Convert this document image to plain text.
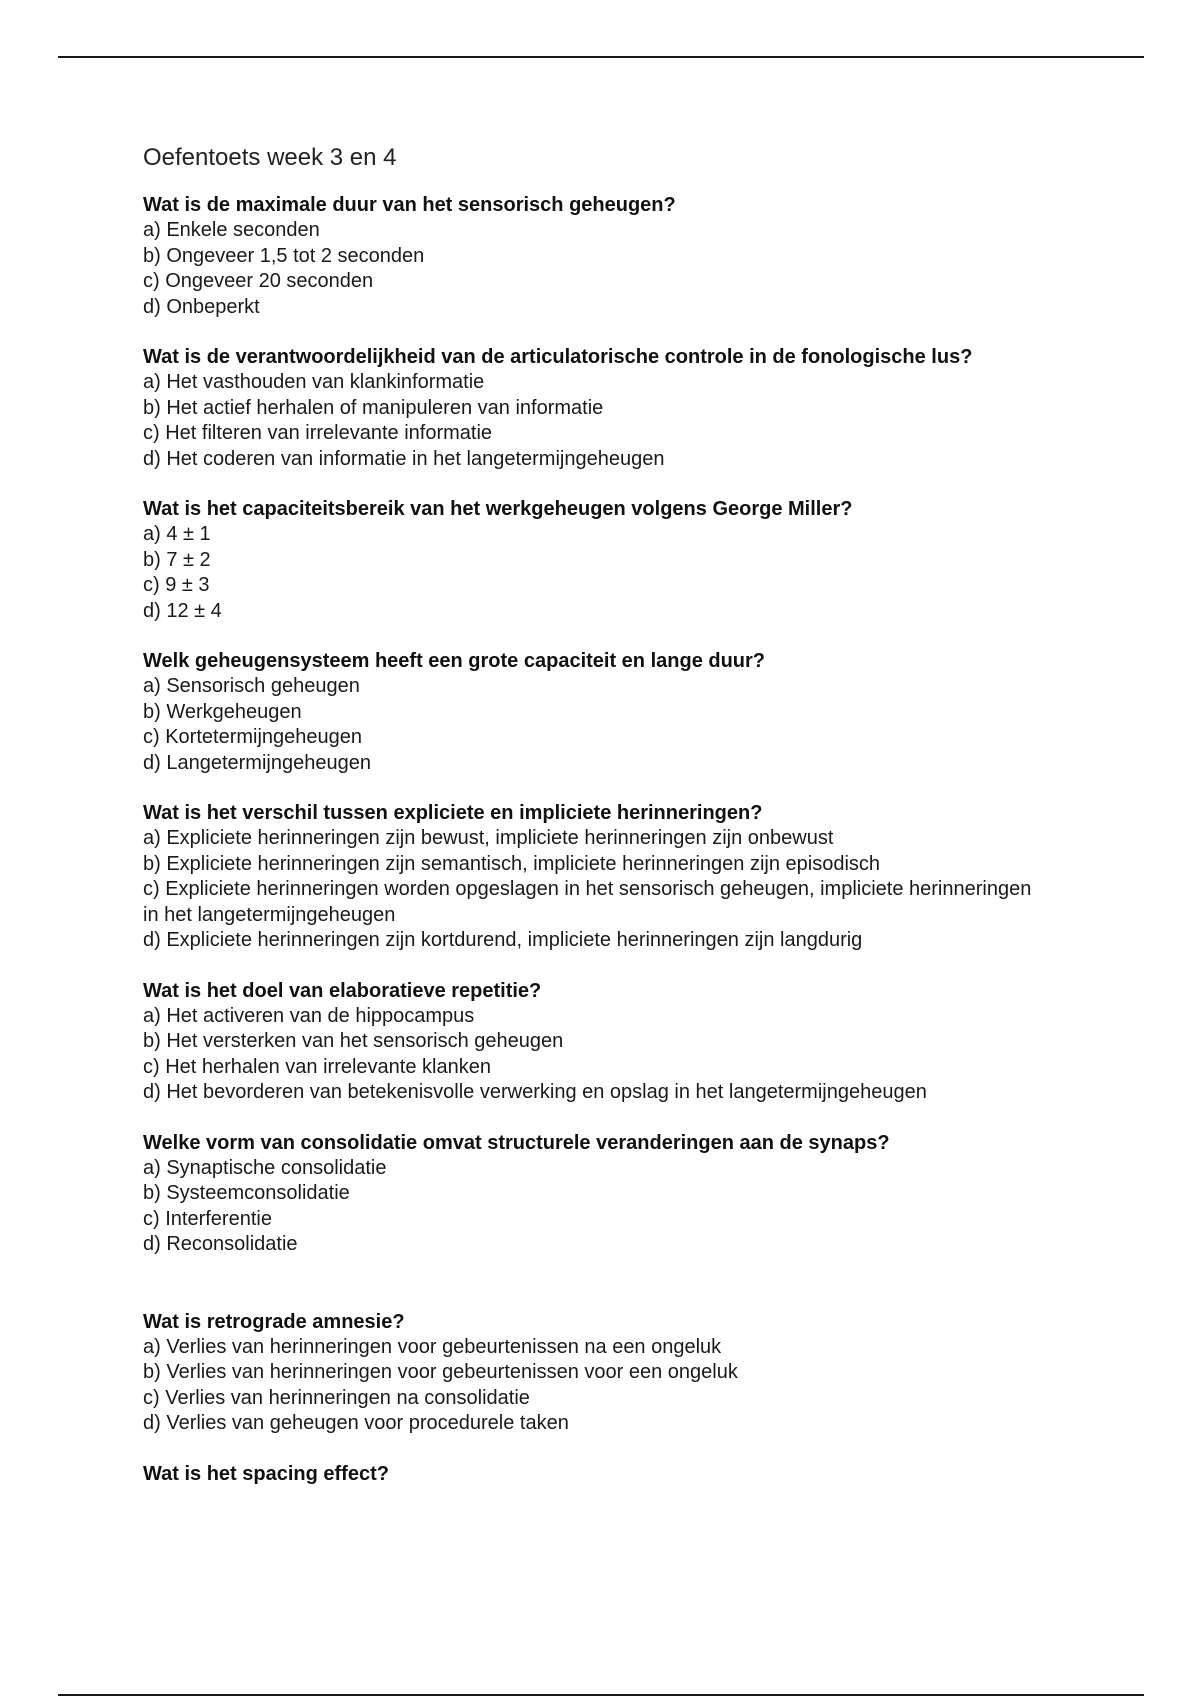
Oefentoets week 3 en 4

Wat is de maximale duur van het sensorisch geheugen?

a) Enkele seconden
b) Ongeveer 1,5 tot 2 seconden
c) Ongeveer 20 seconden
d) Onbeperkt

Wat is de verantwoordelijkheid van de articulatorische controle in de fonologische lus?

a) Het vasthouden van klankinformatie
b) Het actief herhalen of manipuleren van informatie
c) Het filteren van irrelevante informatie
d) Het coderen van informatie in het langetermijngeheugen

Wat is het capaciteitsbereik van het werkgeheugen volgens George Miller?

a) 4 ± 1
b) 7 ± 2
c) 9 ± 3
d) 12 ± 4

Welk geheugensysteem heeft een grote capaciteit en lange duur?

a) Sensorisch geheugen
b) Werkgeheugen
c) Kortetermijngeheugen
d) Langetermijngeheugen

Wat is het verschil tussen expliciete en impliciete herinneringen?

a) Expliciete herinneringen zijn bewust, impliciete herinneringen zijn onbewust
b) Expliciete herinneringen zijn semantisch, impliciete herinneringen zijn episodisch
c) Expliciete herinneringen worden opgeslagen in het sensorisch geheugen, impliciete herinneringen in het langetermijngeheugen
d) Expliciete herinneringen zijn kortdurend, impliciete herinneringen zijn langdurig

Wat is het doel van elaboratieve repetitie?

a) Het activeren van de hippocampus
b) Het versterken van het sensorisch geheugen
c) Het herhalen van irrelevante klanken
d) Het bevorderen van betekenisvolle verwerking en opslag in het langetermijngeheugen

Welke vorm van consolidatie omvat structurele veranderingen aan de synaps?

a) Synaptische consolidatie
b) Systeemconsolidatie
c) Interferentie
d) Reconsolidatie

Wat is retrograde amnesie?

a) Verlies van herinneringen voor gebeurtenissen na een ongeluk
b) Verlies van herinneringen voor gebeurtenissen voor een ongeluk
c) Verlies van herinneringen na consolidatie
d) Verlies van geheugen voor procedurele taken

Wat is het spacing effect?
